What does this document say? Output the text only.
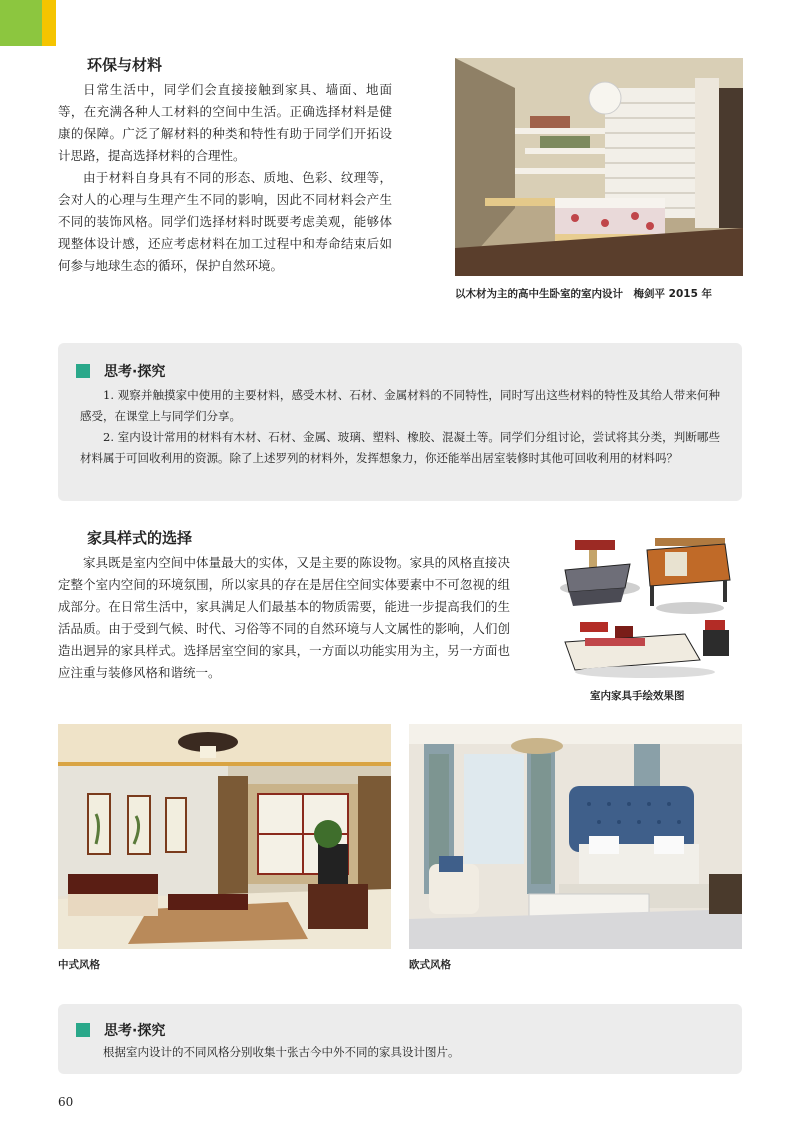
环保与材料

日常生活中，同学们会直接接触到家具、墙面、地面等，在充满各种人工材料的空间中生活。正确选择材料是健康的保障。广泛了解材料的种类和特性有助于同学们开拓设计思路，提高选择材料的合理性。

由于材料自身具有不同的形态、质地、色彩、纹理等，会对人的心理与生理产生不同的影响，因此不同材料会产生不同的装饰风格。同学们选择材料时既要考虑美观，能够体现整体设计感，还应考虑材料在加工过程中和寿命结束后如何参与地球生态的循环，保护自然环境。

以木材为主的高中生卧室的室内设计　梅剑平 2015 年
思考·探究

1. 观察并触摸家中使用的主要材料，感受木材、石材、金属材料的不同特性，同时写出这些材料的特性及其给人带来何种感受，在课堂上与同学们分享。

2. 室内设计常用的材料有木材、石材、金属、玻璃、塑料、橡胶、混凝土等。同学们分组讨论，尝试将其分类，判断哪些材料属于可回收利用的资源。除了上述罗列的材料外，发挥想象力，你还能举出居室装修时其他可回收利用的材料吗？

家具样式的选择

家具既是室内空间中体量最大的实体，又是主要的陈设物。家具的风格直接决定整个室内空间的环境氛围，所以家具的存在是居住空间实体要素中不可忽视的组成部分。在日常生活中，家具满足人们最基本的物质需要，能进一步提高我们的生活品质。由于受到气候、时代、习俗等不同的自然环境与人文属性的影响，人们创造出迥异的家具样式。选择居室空间的家具，一方面以功能实用为主，另一方面也应注重与装修风格和谐统一。

室内家具手绘效果图
中式风格	欧式风格
思考·探究

根据室内设计的不同风格分别收集十张古今中外不同的家具设计图片。

60
